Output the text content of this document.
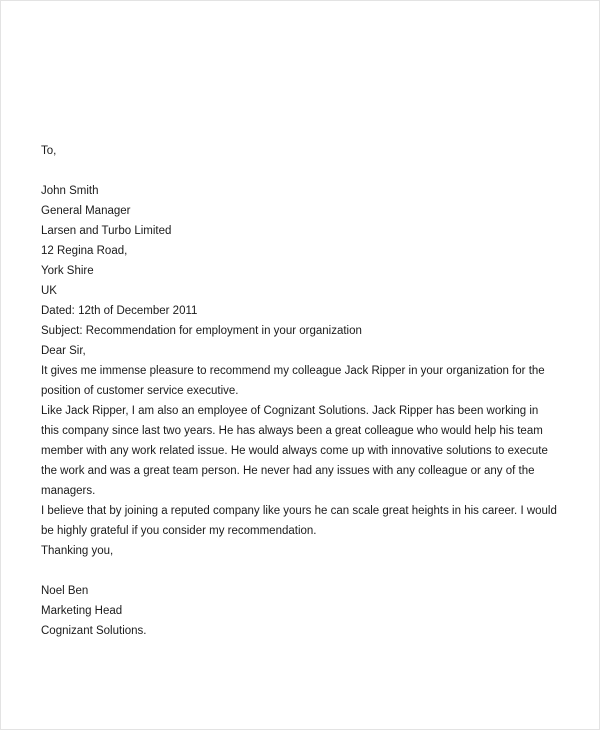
To,
John Smith
General Manager
Larsen and Turbo Limited
12 Regina Road,
York Shire
UK
Dated: 12th of December 2011
Subject: Recommendation for employment in your organization
Dear Sir,
It gives me immense pleasure to recommend my colleague Jack Ripper in your organization for the position of customer service executive.
Like Jack Ripper, I am also an employee of Cognizant Solutions. Jack Ripper has been working in this company since last two years. He has always been a great colleague who would help his team member with any work related issue. He would always come up with innovative solutions to execute the work and was a great team person. He never had any issues with any colleague or any of the managers.
I believe that by joining a reputed company like yours he can scale great heights in his career. I would be highly grateful if you consider my recommendation.
Thanking you,
Noel Ben
Marketing Head
Cognizant Solutions.
